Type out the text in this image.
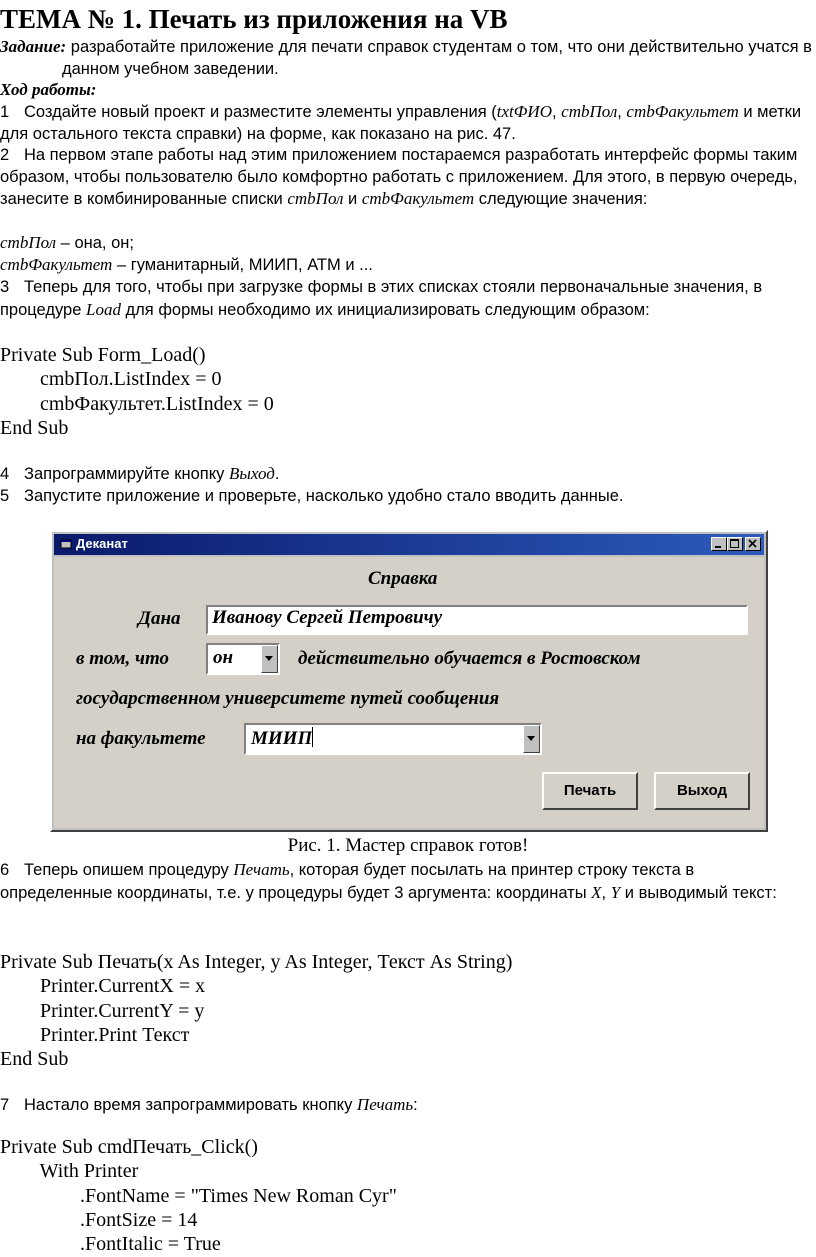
ТЕМА № 1. Печать из приложения на VB
Задание: разработайте приложение для печати справок студентам о том, что они действительно учатся в данном учебном заведении.
Ход работы:
1 Создайте новый проект и разместите элементы управления (txtФИО, cmbПол, cmbФакультет и метки для остального текста справки) на форме, как показано на рис. 47.
2 На первом этапе работы над этим приложением постараемся разработать интерфейс формы таким образом, чтобы пользователю было комфортно работать с приложением. Для этого, в первую очередь, занесите в комбинированные списки cmbПол и cmbФакультет следующие значения:
cmbПол – она, он;
cmbФакультет – гуманитарный, МИИП, АТМ и ...
3 Теперь для того, чтобы при загрузке формы в этих списках стояли первоначальные значения, в процедуре Load для формы необходимо их инициализировать следующим образом:
Private Sub Form_Load()
cmbПол.ListIndex = 0
cmbФакультет.ListIndex = 0
End Sub
4 Запрограммируйте кнопку Выход.
5 Запустите приложение и проверьте, насколько удобно стало вводить данные.
Деканат
Справка
Дана	Иванову Сергей Петровичу
в том, что он	действительно обучается в Ростовском
государственном университете путей сообщения
на факультете МИИП
Печать	Выход
Рис. 1. Мастер справок готов!
6 Теперь опишем процедуру Печать, которая будет посылать на принтер строку текста в определенные координаты, т.е. у процедуры будет 3 аргумента: координаты X, Y и выводимый текст:
Private Sub Печать(x As Integer, y As Integer, Текст As String)
Printer.CurrentX = x
Printer.CurrentY = y
Printer.Print Текст
End Sub
7 Настало время запрограммировать кнопку Печать:
Private Sub cmdПечать_Click()
With Printer
.FontName = "Times New Roman Cyr"
.FontSize = 14
.FontItalic = True
